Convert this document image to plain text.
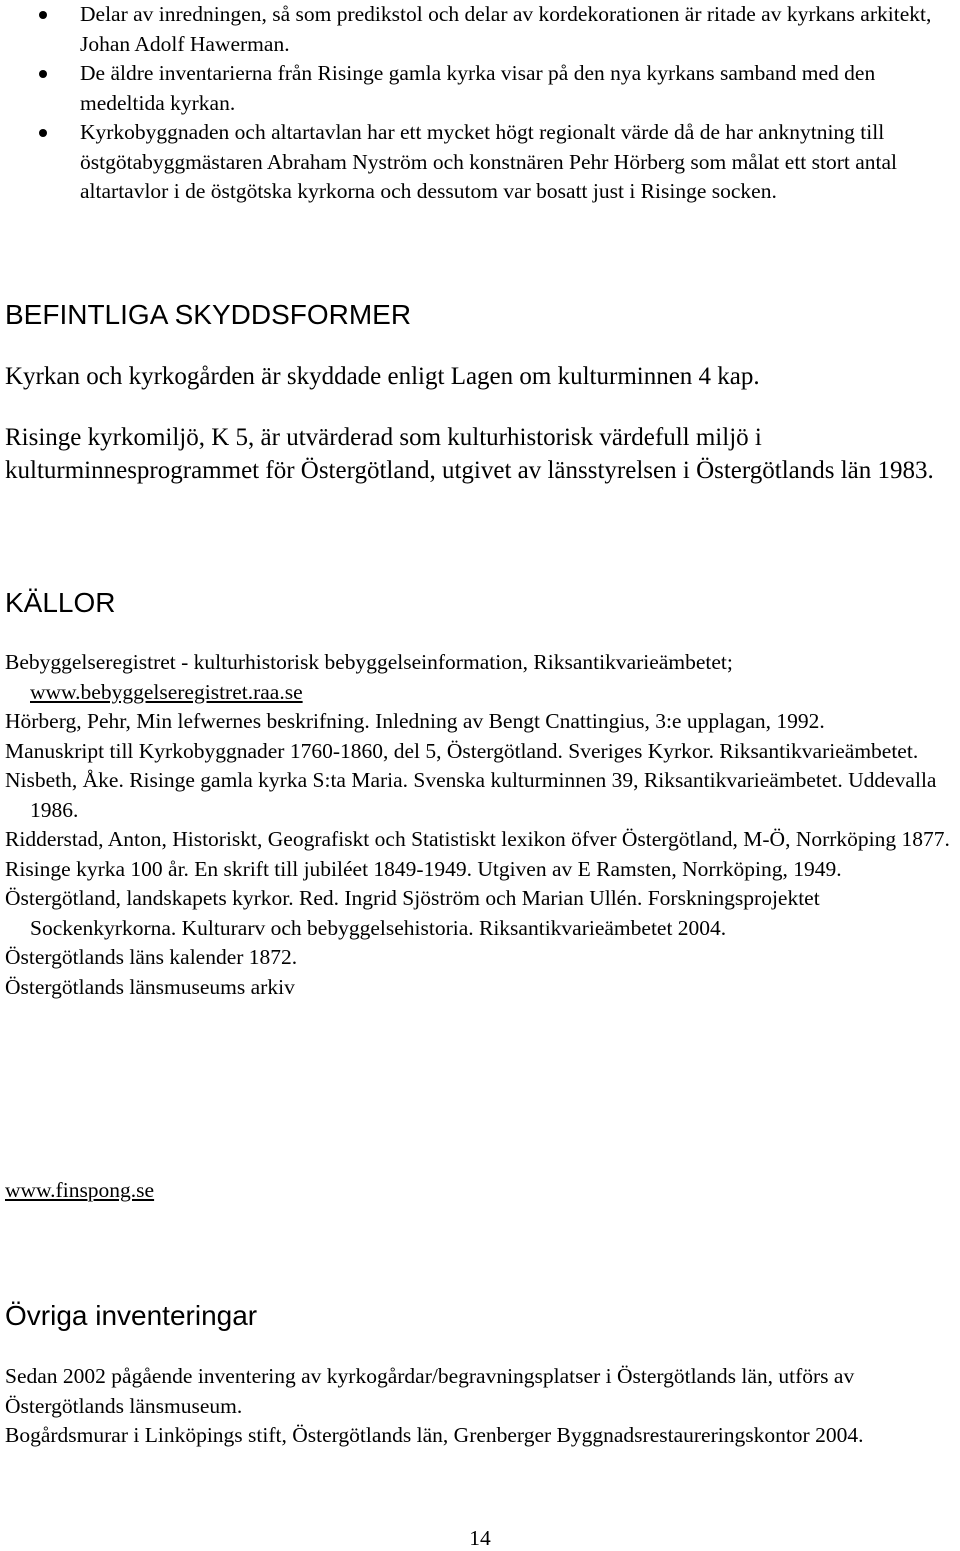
Delar av inredningen, så som predikstol och delar av kordekorationen är ritade av kyrkans arkitekt, Johan Adolf Hawerman.
De äldre inventarierna från Risinge gamla kyrka visar på den nya kyrkans samband med den medeltida kyrkan.
Kyrkobyggnaden och altartavlan har ett mycket högt regionalt värde då de har anknytning till östgötabyggmästaren Abraham Nyström och konstnären Pehr Hörberg som målat ett stort antal altartavlor i de östgötska kyrkorna och dessutom var bosatt just i Risinge socken.
BEFINTLIGA SKYDDSFORMER
Kyrkan och kyrkogården är skyddade enligt Lagen om kulturminnen 4 kap.
Risinge kyrkomiljö, K 5, är utvärderad som kulturhistorisk värdefull miljö i kulturminnesprogrammet för Östergötland, utgivet av länsstyrelsen i Östergötlands län 1983.
KÄLLOR
Bebyggelseregistret - kulturhistorisk bebyggelseinformation, Riksantikvarieämbetet; www.bebyggelseregistret.raa.se
Hörberg, Pehr, Min lefwernes beskrifning. Inledning av Bengt Cnattingius, 3:e upplagan, 1992.
Manuskript till Kyrkobyggnader 1760-1860, del 5, Östergötland. Sveriges Kyrkor. Riksantikvarieämbetet.
Nisbeth, Åke. Risinge gamla kyrka S:ta Maria. Svenska kulturminnen 39, Riksantikvarieämbetet. Uddevalla 1986.
Ridderstad, Anton, Historiskt, Geografiskt och Statistiskt lexikon öfver Östergötland, M-Ö, Norrköping 1877.
Risinge kyrka 100 år. En skrift till jubiléet 1849-1949. Utgiven av E Ramsten, Norrköping, 1949.
Östergötland, landskapets kyrkor. Red. Ingrid Sjöström och Marian Ullén. Forskningsprojektet Sockenkyrkorna. Kulturarv och bebyggelsehistoria. Riksantikvarieämbetet 2004.
Östergötlands läns kalender 1872.
Östergötlands länsmuseums arkiv
www.finspong.se
Övriga inventeringar
Sedan 2002 pågående inventering av kyrkogårdar/begravningsplatser i Östergötlands län, utförs av Östergötlands länsmuseum.
Bogårdsmurar i Linköpings stift, Östergötlands län, Grenberger Byggnadsrestaureringskontor 2004.
14
